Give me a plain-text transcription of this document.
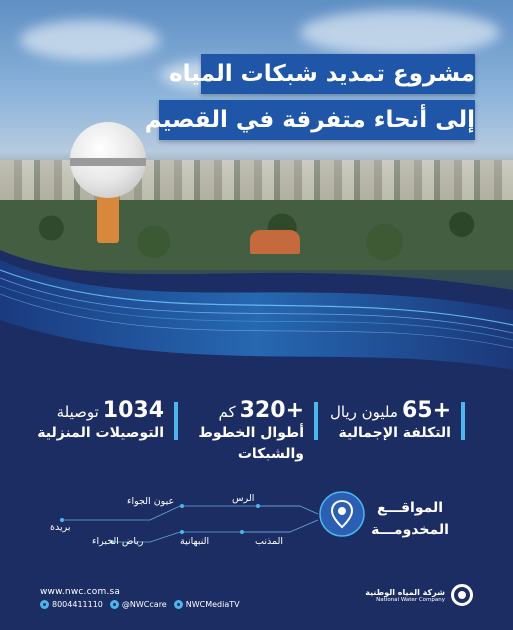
مشروع تمديد شبكات المياه
إلى أنحاء متفرقة في القصيم
+65مليون ريال
التكلفة الإجمالية
+320كم
أطوال الخطوط
والشبكات
1034توصيلة
التوصيلات المنزلية
المواقـــع
المخدومـــة
الرس
عيون الجواء
بريدة
المذنب
النبهانية
رياض الخبراء
www.nwc.com.sa
8004411110 @NWCcare NWCMediaTV
شركة المياه الوطنية
National Water Company
